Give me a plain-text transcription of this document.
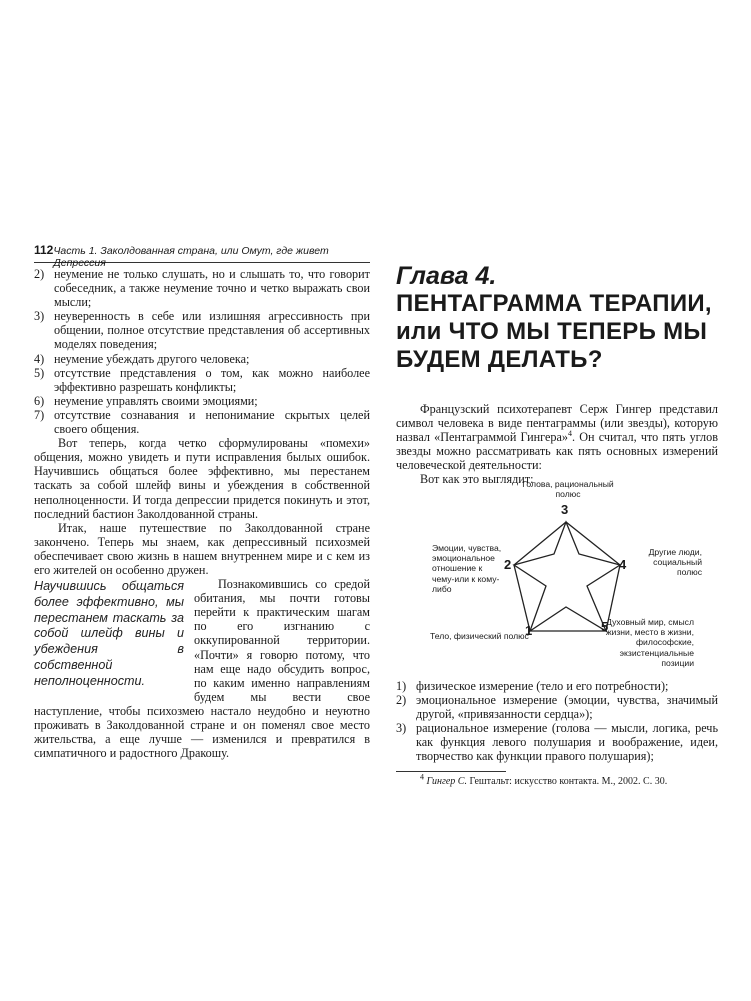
112 Часть 1. Заколдованная страна, или Омут, где живет Депрессия
2) неумение не только слушать, но и слышать то, что говорит собеседник, а также неумение точно и четко выражать свои мысли;
3) неуверенность в себе или излишняя агрессивность при общении, полное отсутствие представления об ассертивных моделях поведения;
4) неумение убеждать другого человека;
5) отсутствие представления о том, как можно наиболее эффективно разрешать конфликты;
6) неумение управлять своими эмоциями;
7) отсутствие сознавания и непонимание скрытых целей своего общения.

Вот теперь, когда четко сформулированы «помехи» общения, можно увидеть и пути исправления былых ошибок. Научившись общаться более эффективно, мы перестанем таскать за собой шлейф вины и убеждения в собственной неполноценности. И тогда депрессии придется покинуть и этот, последний бастион Заколдованной страны.

Итак, наше путешествие по Заколдованной стране закончено. Теперь мы знаем, как депрессивный психозмей обеспечивает свою жизнь в нашем внутреннем мире и с кем из его жителей он особенно дружен.

Научившись общаться более эффективно, мы перестанем таскать за собой шлейф вины и убеждения в собственной неполноценности.

Познакомившись со средой обитания, мы почти готовы перейти к практическим шагам по его изгнанию с оккупированной территории. «Почти» я говорю потому, что нам еще надо обсудить вопрос, по каким именно направлениям будем мы вести свое наступление, чтобы психозмею настало неудобно и неуютно проживать в Заколдованной стране и он поменял свое место жительства, а еще лучше — изменился и превратился в симпатичного и радостного Дракошу.

Глава 4.
ПЕНТАГРАММА ТЕРАПИИ,
или ЧТО МЫ ТЕПЕРЬ МЫ
БУДЕМ ДЕЛАТЬ?

Французский психотерапевт Серж Гингер представил символ человека в виде пентаграммы (или звезды), которую назвал «Пентаграммой Гингера»$^4$. Он считал, что пять углов звезды можно рассматривать как пять основных измерений человеческой деятельности:

Вот как это выглядит:

3
2	4
1	5
Голова, рациональный полюс
Эмоции, чувства, эмоциональное отношение к чему-или к кому-либо
Другие люди, социальный полюс
Тело, физический полюс
Духовный мир, смысл жизни, место в жизни, философские, экзистенциальные позиции
1) физическое измерение (тело и его потребности);
2) эмоциональное измерение (эмоции, чувства, значимый другой, «привязанности сердца»);
3) рациональное измерение (голова — мысли, логика, речь как функция левого полушария и воображение, идеи, творчество как функции правого полушария);
$^4$ Гингер С. Гештальт: искусство контакта. М., 2002. С. 30.
